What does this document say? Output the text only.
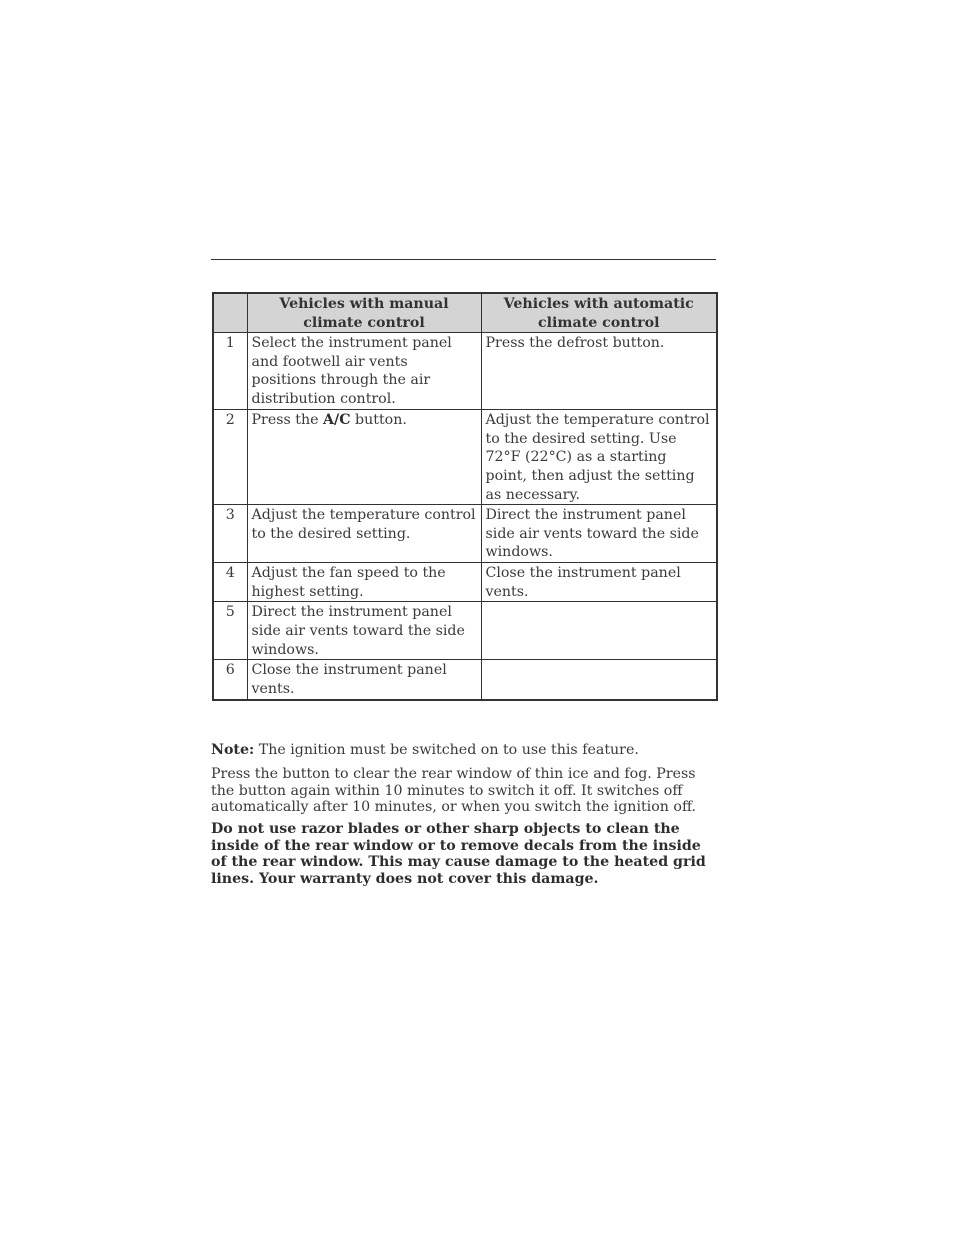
	Vehicles with manual climate control	Vehicles with automatic climate control
1	Select the instrument panel and footwell air vents positions through the air distribution control.	Press the defrost button.
2	Press the A/C button.	Adjust the temperature control to the desired setting. Use 72°F (22°C) as a starting point, then adjust the setting as necessary.
3	Adjust the temperature control to the desired setting.	Direct the instrument panel side air vents toward the side windows.
4	Adjust the fan speed to the highest setting.	Close the instrument panel vents.
5	Direct the instrument panel side air vents toward the side windows.	
6	Close the instrument panel vents.	

Note: The ignition must be switched on to use this feature.

Press the button to clear the rear window of thin ice and fog. Press the button again within 10 minutes to switch it off. It switches off automatically after 10 minutes, or when you switch the ignition off.

Do not use razor blades or other sharp objects to clean the inside of the rear window or to remove decals from the inside of the rear window. This may cause damage to the heated grid lines. Your warranty does not cover this damage.
